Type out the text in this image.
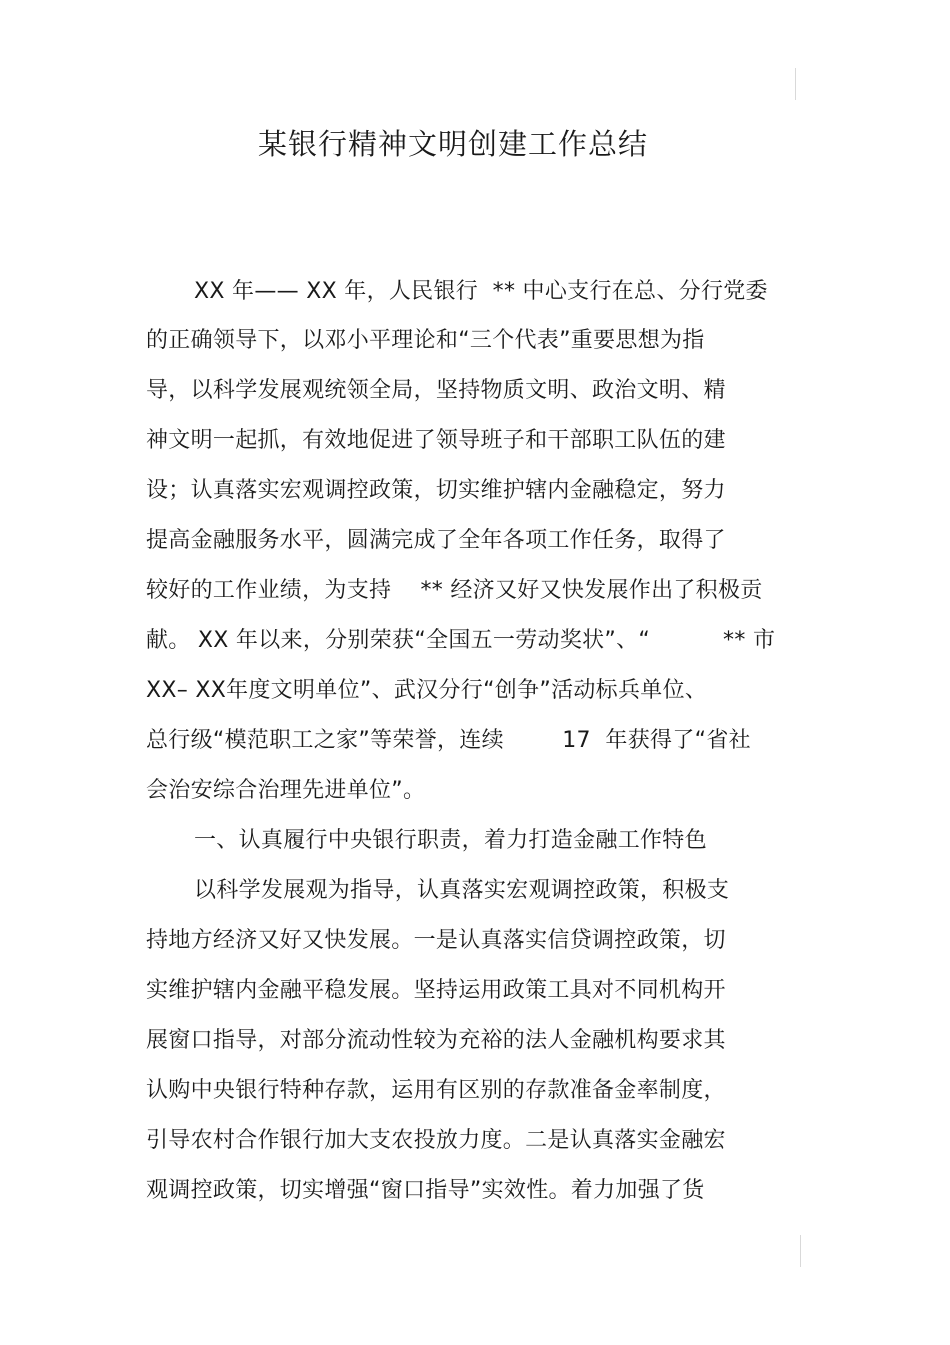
某银行精神文明创建工作总结
XX 年—— XX 年，人民银行  ** 中心支行在总、分行党委
的正确领导下，以邓小平理论和“三个代表”重要思想为指
导，以科学发展观统领全局，坚持物质文明、政治文明、精
神文明一起抓，有效地促进了领导班子和干部职工队伍的建
设；认真落实宏观调控政策，切实维护辖内金融稳定，努力
提高金融服务水平，圆满完成了全年各项工作任务，取得了
较好的工作业绩，为支持    ** 经济又好又快发展作出了积极贡
献。 XX 年以来，分别荣获“全国五一劳动奖状”、“          ** 市
XX– XX年度文明单位”、武汉分行“创争”活动标兵单位、
总行级“模范职工之家”等荣誉，连续        17  年获得了“省社
会治安综合治理先进单位”。
一、认真履行中央银行职责，着力打造金融工作特色
以科学发展观为指导，认真落实宏观调控政策，积极支
持地方经济又好又快发展。一是认真落实信贷调控政策，切
实维护辖内金融平稳发展。坚持运用政策工具对不同机构开
展窗口指导，对部分流动性较为充裕的法人金融机构要求其
认购中央银行特种存款，运用有区别的存款准备金率制度，
引导农村合作银行加大支农投放力度。二是认真落实金融宏
观调控政策，切实增强“窗口指导”实效性。着力加强了货
